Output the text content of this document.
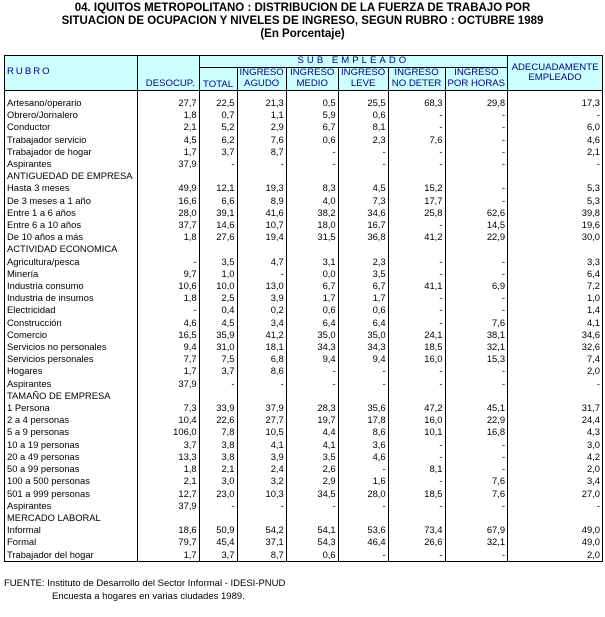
04. IQUITOS METROPOLITANO : DISTRIBUCION DE LA FUERZA DE TRABAJO POR
SITUACION DE OCUPACION Y NIVELES DE INGRESO, SEGUN RUBRO : OCTUBRE 1989
(En Porcentaje)
RUBRO	DESOCUP.	SUB EMPLEADO						ADECUADAMENTE
EMPLEADO

		TOTAL	INGRESO	INGRESO	INGRESO	INGRESO	INGRESO	
			AGUDO	MEDIO	LEVE	NO DETER	POR HORAS	

Artesano/operario	27,7	22,5	21,3	0,5	25,5	68,3	29,8	17,3
Obrero/Jornalero	1,8	0,7	1,1	5,9	0,6	-	-	-
Conductor	2,1	5,2	2,9	6,7	8,1	-	-	6,0
Trabajador servicio	4,5	6,2	7,6	0,6	2,3	7,6	-	4,6
Trabajador de hogar	1,7	3,7	8,7	-	-	-	-	2,1
Aspirantes	37,9	-	-	-	-	-	-	-
ANTIGUEDAD DE EMPRESA								
Hasta 3 meses	49,9	12,1	19,3	8,3	4,5	15,2	-	5,3
De 3 meses a 1 año	16,6	6,6	8,9	4,0	7,3	17,7	-	5,3
Entre 1 a 6 años	28,0	39,1	41,6	38,2	34,6	25,8	62,6	39,8
Entre 6 a 10 años	37,7	14,6	10,7	18,0	16,7	-	14,5	19,6
De 10 años a más	1,8	27,6	19,4	31,5	36,8	41,2	22,9	30,0
ACTIVIDAD ECONOMICA								
Agricultura/pesca	-	3,5	4,7	3,1	2,3	-	-	3,3
Minería	9,7	1,0	-	0,0	3,5	-	-	6,4
Industria consumo	10,6	10,0	13,0	6,7	6,7	41,1	6,9	7,2
Industria de insumos	1,8	2,5	3,9	1,7	1,7	-	-	1,0
Electricidad	-	0,4	0,2	0,6	0,6	-	-	1,4
Construcción	4,6	4,5	3,4	6,4	6,4	-	7,6	4,1
Comercio	16,5	35,9	41,2	35,0	35,0	24,1	38,1	34,6
Servicios no personales	9,4	31,0	18,1	34,3	34,3	18,5	32,1	32,6
Servicios personales	7,7	7,5	6,8	9,4	9,4	16,0	15,3	7,4
Hogares	1,7	3,7	8,6	-	-	-	-	2,0
Aspirantes	37,9	-	-	-	-	-	-	-
TAMAÑO DE EMPRESA								
1 Persona	7,3	33,9	37,9	28,3	35,6	47,2	45,1	31,7
2 a 4 personas	10,4	22,6	27,7	19,7	17,8	16,0	22,9	24,4
5 a 9 personas	106,0	7,8	10,5	4,4	8,6	10,1	16,8	4,3
10 a 19 personas	3,7	3,8	4,1	4,1	3,6	-	-	3,0
20 a 49 personas	13,3	3,8	3,9	3,5	4,6	-	-	4,2
50 a 99 personas	1,8	2,1	2,4	2,6	-	8,1	-	2,0
100 a 500 personas	2,1	3,0	3,2	2,9	1,6	-	7,6	3,4
501 a 999 personas	12,7	23,0	10,3	34,5	28,0	18,5	7,6	27,0
Aspirantes	37,9	-	-	-	-	-	-	-
MERCADO LABORAL								
Informal	18,6	50,9	54,2	54,1	53,6	73,4	67,9	49,0
Formal	79,7	45,4	37,1	54,3	46,4	26,6	32,1	49,0
Trabajador del hogar	1,7	3,7	8,7	0,6	-	-	-	2,0
FUENTE: Instituto de Desarrollo del Sector Informal - IDESI-PNUD
Encuesta a hogares en varias ciudades 1989.
